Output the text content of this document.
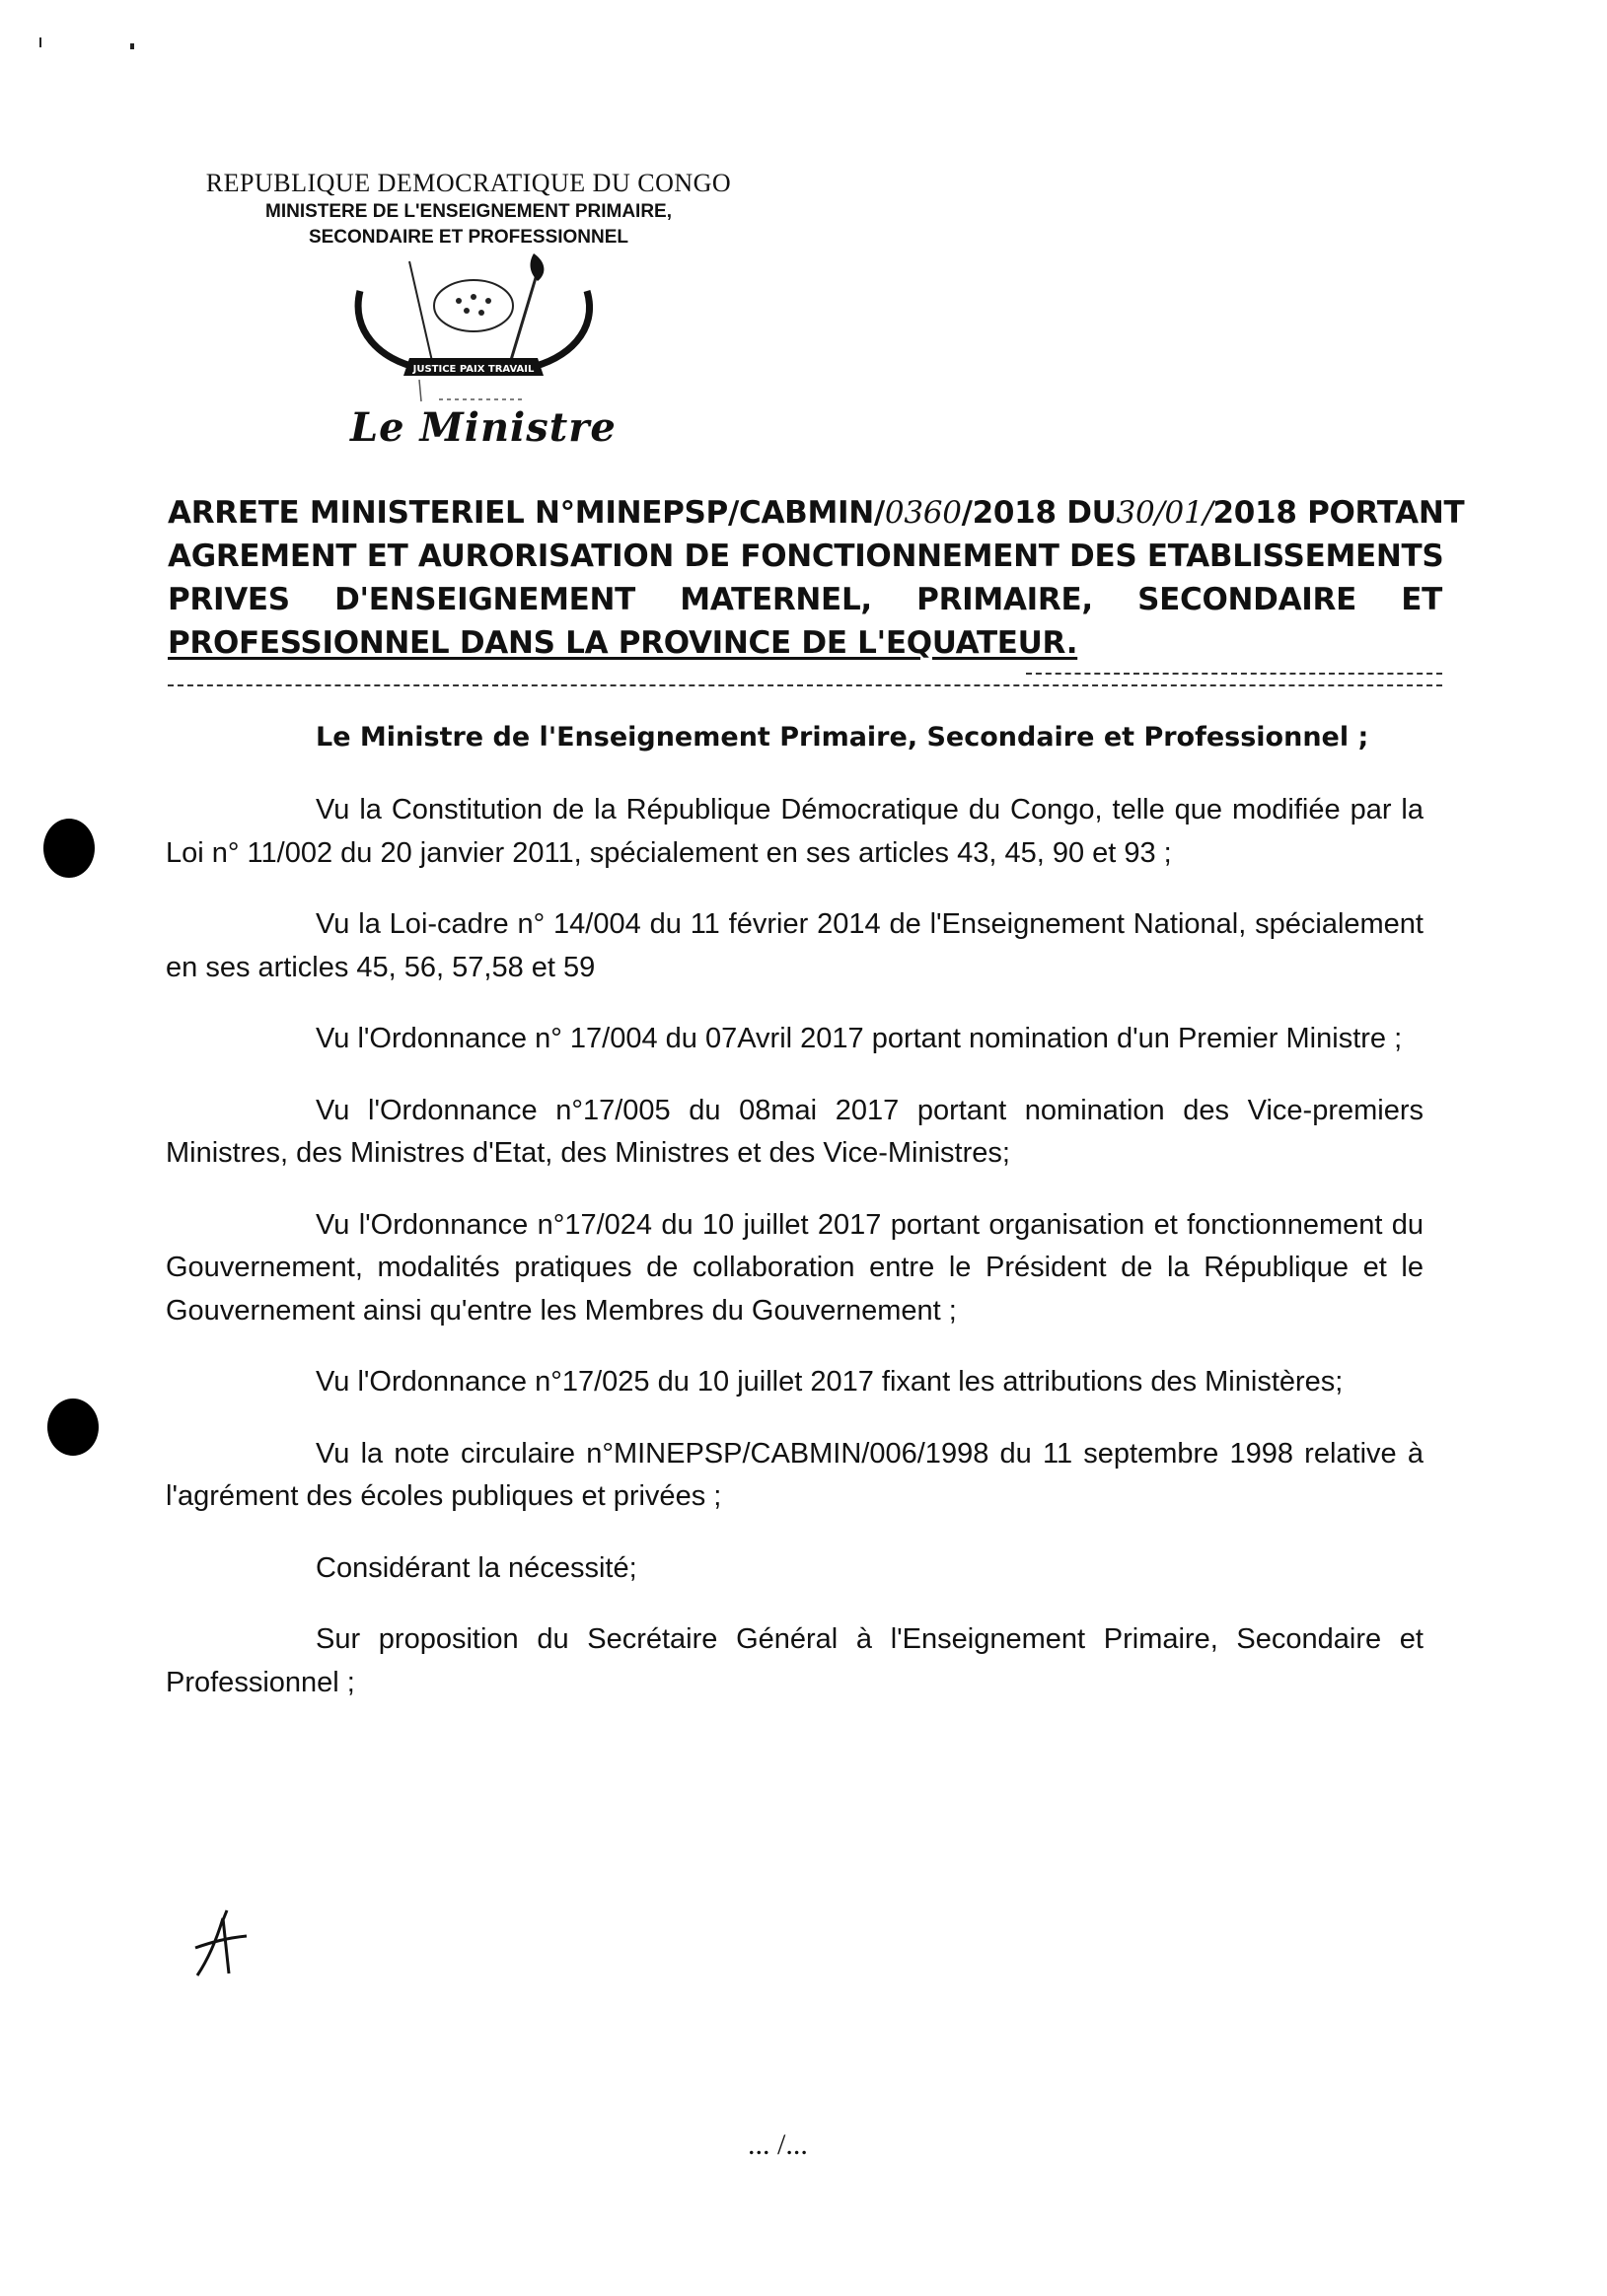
REPUBLIQUE DEMOCRATIQUE DU CONGO
MINISTERE DE L'ENSEIGNEMENT PRIMAIRE,
SECONDAIRE ET PROFESSIONNEL
JUSTICE PAIX TRAVAIL
Le Ministre
ARRETE MINISTERIEL N°MINEPSP/CABMIN/0360/2018 DU30/01/2018 PORTANT
AGREMENT ET AURORISATION DE FONCTIONNEMENT DES ETABLISSEMENTS
PRIVES D'ENSEIGNEMENT MATERNEL, PRIMAIRE, SECONDAIRE ET
PROFESSIONNEL DANS LA PROVINCE DE L'EQUATEUR.
Le Ministre de l'Enseignement Primaire, Secondaire et Professionnel ;

Vu la Constitution de la République Démocratique du Congo, telle que modifiée par la Loi n° 11/002 du 20 janvier 2011, spécialement en ses articles 43, 45, 90 et 93 ;

Vu la Loi-cadre n° 14/004 du 11 février 2014 de l'Enseignement National, spécialement en ses articles 45, 56, 57,58 et 59

Vu l'Ordonnance n° 17/004 du 07Avril 2017 portant nomination d'un Premier Ministre ;

Vu l'Ordonnance n°17/005 du 08mai 2017 portant nomination des Vice-premiers Ministres, des Ministres d'Etat, des Ministres et des Vice-Ministres;

Vu l'Ordonnance n°17/024 du 10 juillet 2017 portant organisation et fonctionnement du Gouvernement, modalités pratiques de collaboration entre le Président de la République et le Gouvernement ainsi qu'entre les Membres du Gouvernement ;

Vu l'Ordonnance n°17/025 du 10 juillet 2017 fixant les attributions des Ministères;

Vu la note circulaire n°MINEPSP/CABMIN/006/1998 du 11 septembre 1998 relative à l'agrément des écoles publiques et privées ;

Considérant la nécessité;

Sur proposition du Secrétaire Général à l'Enseignement Primaire, Secondaire et Professionnel ;

... /...
